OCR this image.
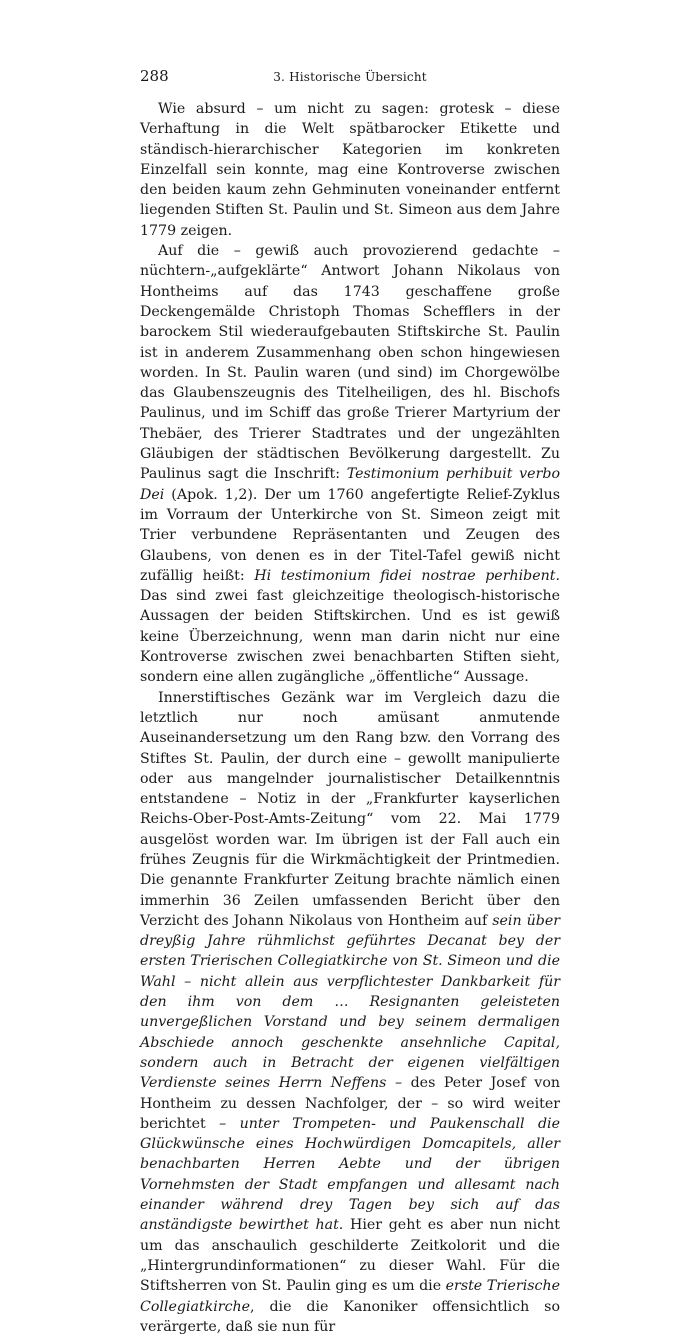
288	3. Historische Übersicht

Wie absurd – um nicht zu sagen: grotesk – diese Verhaftung in die Welt spätbarocker Etikette und ständisch-hierarchischer Kategorien im konkreten Einzelfall sein konnte, mag eine Kontroverse zwischen den beiden kaum zehn Gehminuten voneinander entfernt liegenden Stiften St. Paulin und St. Simeon aus dem Jahre 1779 zeigen.

Auf die – gewiß auch provozierend gedachte – nüchtern-„aufgeklärte“ Antwort Johann Nikolaus von Hontheims auf das 1743 geschaffene große Deckengemälde Christoph Thomas Schefflers in der barockem Stil wiederaufgebauten Stiftskirche St. Paulin ist in anderem Zusammenhang oben schon hingewiesen worden. In St. Paulin waren (und sind) im Chorgewölbe das Glaubenszeugnis des Titelheiligen, des hl. Bischofs Paulinus, und im Schiff das große Trierer Martyrium der Thebäer, des Trierer Stadtrates und der ungezählten Gläubigen der städtischen Bevölkerung dargestellt. Zu Paulinus sagt die Inschrift: Testimonium perhibuit verbo Dei (Apok. 1,2). Der um 1760 angefertigte Relief-Zyklus im Vorraum der Unterkirche von St. Simeon zeigt mit Trier verbundene Repräsentanten und Zeugen des Glaubens, von denen es in der Titel-Tafel gewiß nicht zufällig heißt: Hi testimonium fidei nostrae perhibent. Das sind zwei fast gleichzeitige theologisch-historische Aussagen der beiden Stiftskirchen. Und es ist gewiß keine Überzeichnung, wenn man darin nicht nur eine Kontroverse zwischen zwei benachbarten Stiften sieht, sondern eine allen zugängliche „öffentliche“ Aussage.

Innerstiftisches Gezänk war im Vergleich dazu die letztlich nur noch amüsant anmutende Auseinandersetzung um den Rang bzw. den Vorrang des Stiftes St. Paulin, der durch eine – gewollt manipulierte oder aus mangelnder journalistischer Detailkenntnis entstandene – Notiz in der „Frankfurter kayserlichen Reichs-Ober-Post-Amts-Zeitung“ vom 22. Mai 1779 ausgelöst worden war. Im übrigen ist der Fall auch ein frühes Zeugnis für die Wirkmächtigkeit der Printmedien. Die genannte Frankfurter Zeitung brachte nämlich einen immerhin 36 Zeilen umfassenden Bericht über den Verzicht des Johann Nikolaus von Hontheim auf sein über dreyßig Jahre rühmlichst geführtes Decanat bey der ersten Trierischen Collegiatkirche von St. Simeon und die Wahl – nicht allein aus verpflichtester Dankbarkeit für den ihm von dem … Resignanten geleisteten unvergeßlichen Vorstand und bey seinem dermaligen Abschiede annoch geschenkte ansehnliche Capital, sondern auch in Betracht der eigenen vielfältigen Verdienste seines Herrn Neffens – des Peter Josef von Hontheim zu dessen Nachfolger, der – so wird weiter berichtet – unter Trompeten- und Paukenschall die Glückwünsche eines Hochwürdigen Domcapitels, aller benachbarten Herren Aebte und der übrigen Vornehmsten der Stadt empfangen und allesamt nach einander während drey Tagen bey sich auf das anständigste bewirthet hat. Hier geht es aber nun nicht um das anschaulich geschilderte Zeitkolorit und die „Hintergrundinformationen“ zu dieser Wahl. Für die Stiftsherren von St. Paulin ging es um die erste Trierische Collegiatkirche, die die Kanoniker offensichtlich so verärgerte, daß sie nun für
